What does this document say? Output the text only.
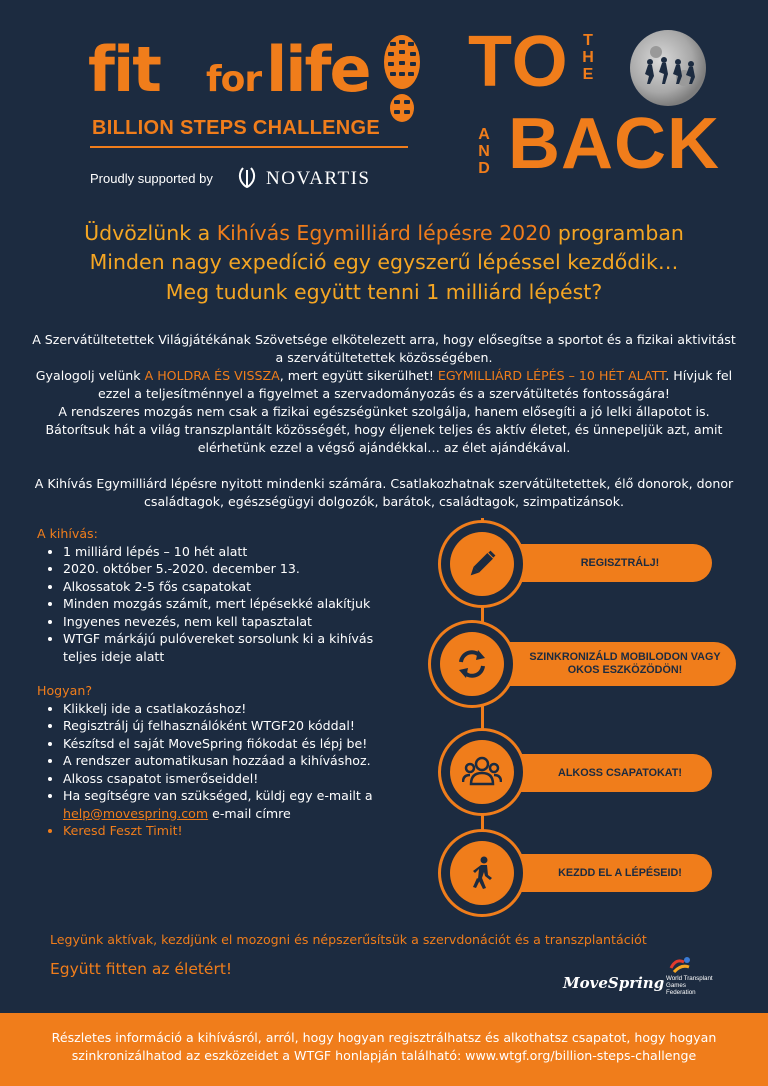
fit for life
BILLION STEPS CHALLENGE
Proudly supported by	NOVARTIS
TO T
H
E
A
N
D BACK
Üdvözlünk a Kihívás Egymilliárd lépésre 2020 programban
Minden nagy expedíció egy egyszerű lépéssel kezdődik…
Meg tudunk együtt tenni 1 milliárd lépést?

A Szervátültetettek Világjátékának Szövetsége elkötelezett arra, hogy elősegítse a sportot és a fizikai aktivitást a szervátültetettek közösségében.

Gyalogolj velünk A HOLDRA ÉS VISSZA, mert együtt sikerülhet! EGYMILLIÁRD LÉPÉS – 10 HÉT ALATT. Hívjuk fel ezzel a teljesítménnyel a figyelmet a szervadományozás és a szervátültetés fontosságára!

A rendszeres mozgás nem csak a fizikai egészségünket szolgálja, hanem elősegíti a jó lelki állapotot is.

Bátorítsuk hát a világ transzplantált közösségét, hogy éljenek teljes és aktív életet, és ünnepeljük azt, amit elérhetünk ezzel a végső ajándékkal… az élet ajándékával.

A Kihívás Egymilliárd lépésre nyitott mindenki számára. Csatlakozhatnak szervátültetettek, élő donorok, donor családtagok, egészségügyi dolgozók, barátok, családtagok, szimpatizánsok.

A kihívás:

• 1 milliárd lépés – 10 hét alatt
• 2020. október 5.-2020. december 13.
• Alkossatok 2-5 fős csapatokat
• Minden mozgás számít, mert lépésekké alakítjuk
• Ingyenes nevezés, nem kell tapasztalat
• WTGF márkájú pulóvereket sorsolunk ki a kihívás teljes ideje alatt

Hogyan?

• Klikkelj ide a csatlakozáshoz!
• Regisztrálj új felhasználóként WTGF20 kóddal!
• Készítsd el saját MoveSpring fiókodat és lépj be!
• A rendszer automatikusan hozzáad a kihíváshoz.
• Alkoss csapatot ismerőseiddel!
• Ha segítségre van szükséged, küldj egy e-mailt a help@movespring.com e-mail címre
• Keresd Feszt Timit!
REGISZTRÁLJ!
SZINKRONIZÁLD MOBILODON VAGY OKOS ESZKÖZÖDÖN!
ALKOSS CSAPATOKAT!
KEZDD EL A LÉPÉSEID!
Legyünk aktívak, kezdjünk el mozogni és népszerűsítsük a szervdonációt és a transzplantációt
Együtt fitten az életért!
MoveSpring World Transplant Games Federation
Részletes információ a kihívásról, arról, hogy hogyan regisztrálhatsz és alkothatsz csapatot, hogy hogyan szinkronizálhatod az eszközeidet a WTGF honlapján található: www.wtgf.org/billion-steps-challenge
